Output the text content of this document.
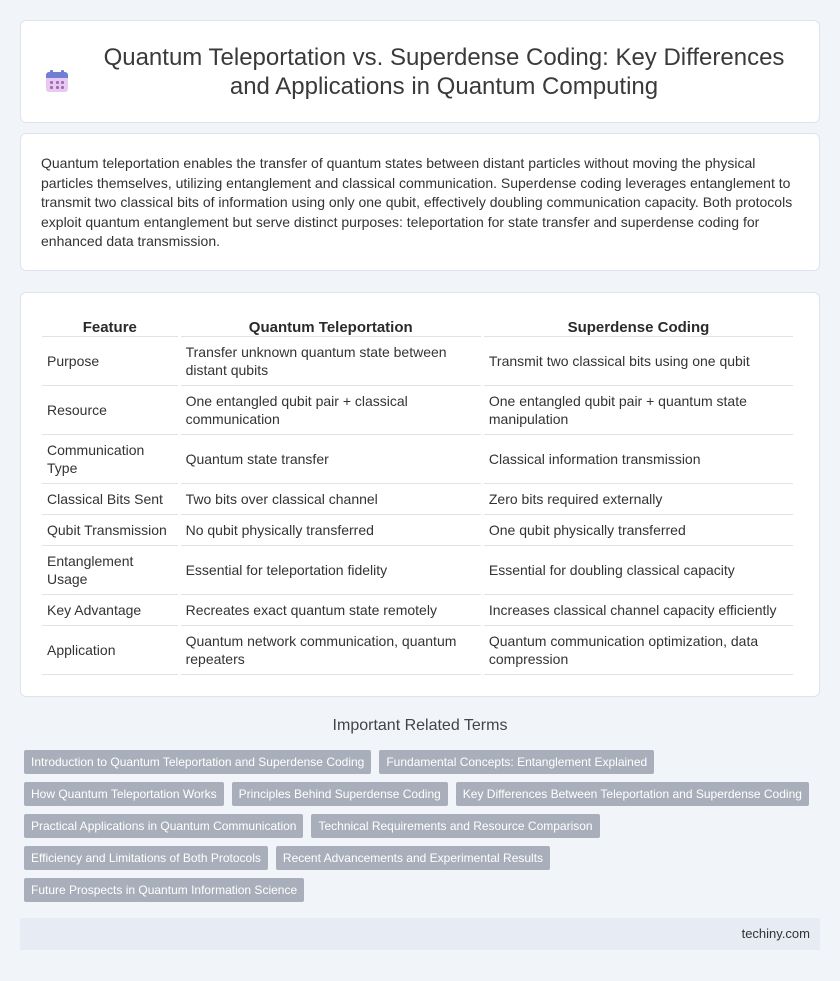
Quantum Teleportation vs. Superdense Coding: Key Differences and Applications in Quantum Computing

Quantum teleportation enables the transfer of quantum states between distant particles without moving the physical particles themselves, utilizing entanglement and classical communication. Superdense coding leverages entanglement to transmit two classical bits of information using only one qubit, effectively doubling communication capacity. Both protocols exploit quantum entanglement but serve distinct purposes: teleportation for state transfer and superdense coding for enhanced data transmission.

Feature	Quantum Teleportation	Superdense Coding
Purpose	Transfer unknown quantum state between distant qubits	Transmit two classical bits using one qubit
Resource	One entangled qubit pair + classical communication	One entangled qubit pair + quantum state manipulation
Communication Type	Quantum state transfer	Classical information transmission
Classical Bits Sent	Two bits over classical channel	Zero bits required externally
Qubit Transmission	No qubit physically transferred	One qubit physically transferred
Entanglement Usage	Essential for teleportation fidelity	Essential for doubling classical capacity
Key Advantage	Recreates exact quantum state remotely	Increases classical channel capacity efficiently
Application	Quantum network communication, quantum repeaters	Quantum communication optimization, data compression
Important Related Terms
Introduction to Quantum Teleportation and Superdense Coding	Fundamental Concepts: Entanglement Explained
How Quantum Teleportation Works	Principles Behind Superdense Coding	Key Differences Between Teleportation and Superdense Coding
Practical Applications in Quantum Communication	Technical Requirements and Resource Comparison
Efficiency and Limitations of Both Protocols	Recent Advancements and Experimental Results
Future Prospects in Quantum Information Science
techiny.com
